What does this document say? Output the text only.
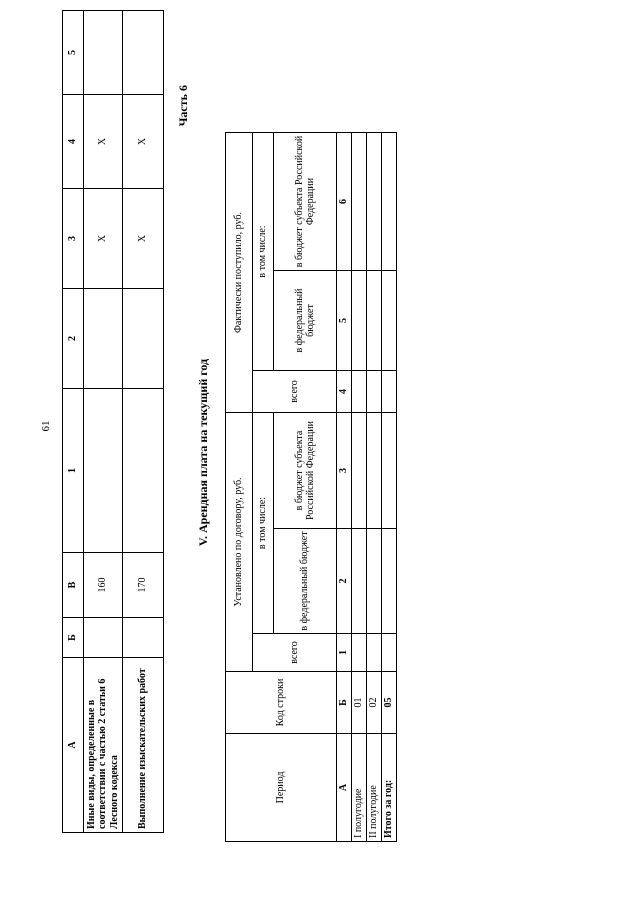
61
А	Б	В	1	2	3	4	5
Иные виды, определенные в соответствии с частью 2 статьи 6 Лесного кодекса		160			X	X	
Выполнение изыскательских работ		170			X	X	
Часть 6
V. Арендная плата на текущий год
Период	Код строки	Установлено по договору, руб.			Фактически поступило, руб.		
		всего	в том числе:		всего	в том числе:	
			в федеральный бюджет	в бюджет субъекта Российской Федерации		в федеральный бюджет	в бюджет субъекта Российской Федерации
А	Б	1	2	3	4	5	6
I полугодие	01						
II полугодие	02						
Итого за год:	05						
